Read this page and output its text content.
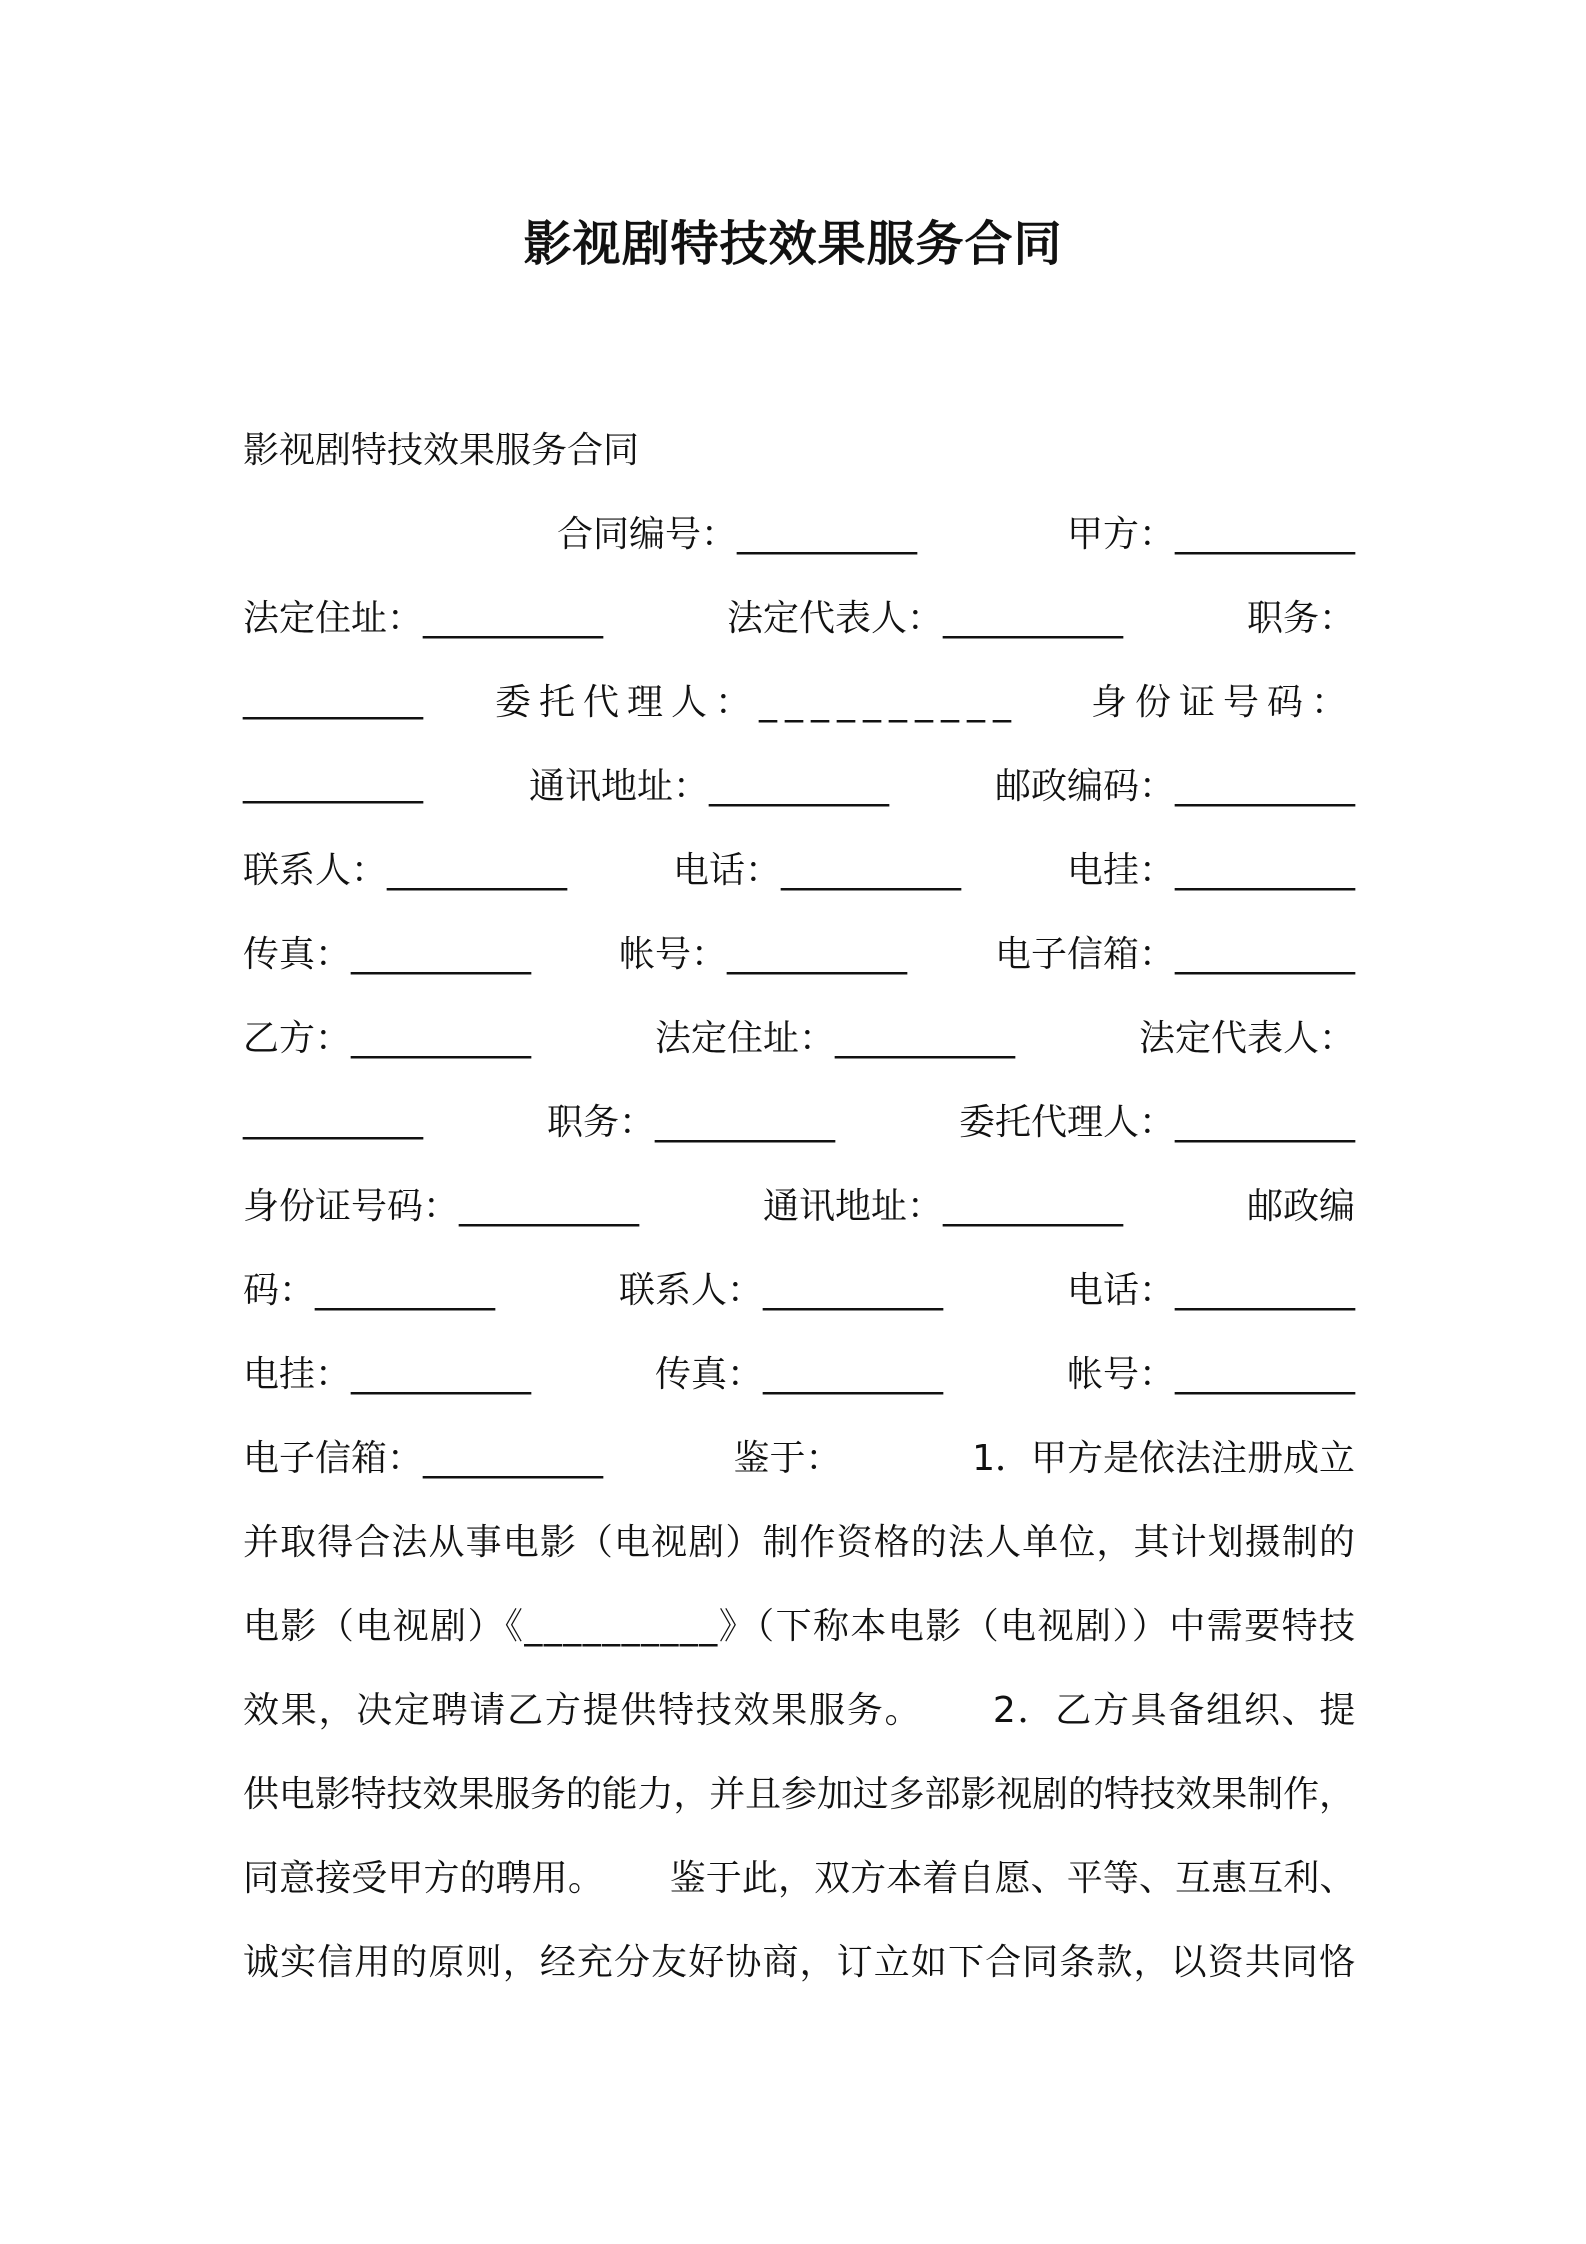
影视剧特技效果服务合同
影视剧特技效果服务合同
合同编号：__________	甲方：__________
法定住址：__________	法定代表人：__________	职务：
__________ 委托代理人：__________ 身份证号码：
__________	通讯地址：__________	邮政编码：__________
联系人：__________	电话：__________	电挂：__________
传真：__________ 帐号：__________ 电子信箱：__________
乙方：__________	法定住址：__________	法定代表人：
__________	职务：__________	委托代理人：__________
身份证号码：__________	通讯地址：__________	邮政编
码：__________	联系人：__________	电话：__________
电挂：__________	传真：__________	帐号：__________
电子信箱：__________	鉴于：	1．甲方是依法注册成立
并取得合法从事电影（电视剧）制作资格的法人单位，其计划摄制的
电影（电视剧）《__________》（下称本电影（电视剧））中需要特技
效果，决定聘请乙方提供特技效果服务。　　 2．乙方具备组织、提
供电影特技效果服务的能力，并且参加过多部影视剧的特技效果制作，
同意接受甲方的聘用。　　 鉴于此，双方本着自愿、平等、互惠互利、
诚实信用的原则，经充分友好协商，订立如下合同条款，以资共同恪
